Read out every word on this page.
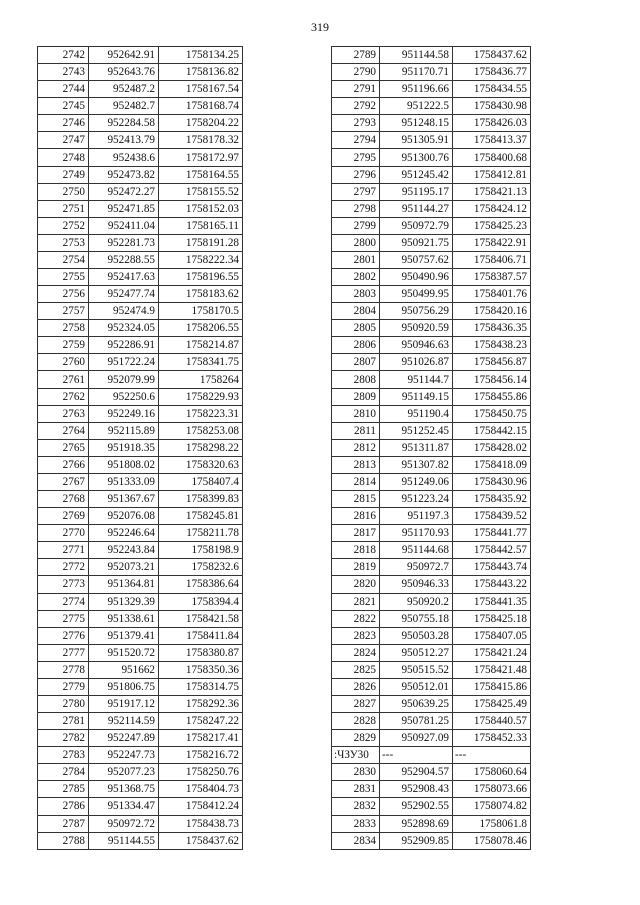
319
2742	952642.91	1758134.25
2743	952643.76	1758136.82
2744	952487.2	1758167.54
2745	952482.7	1758168.74
2746	952284.58	1758204.22
2747	952413.79	1758178.32
2748	952438.6	1758172.97
2749	952473.82	1758164.55
2750	952472.27	1758155.52
2751	952471.85	1758152.03
2752	952411.04	1758165.11
2753	952281.73	1758191.28
2754	952288.55	1758222.34
2755	952417.63	1758196.55
2756	952477.74	1758183.62
2757	952474.9	1758170.5
2758	952324.05	1758206.55
2759	952286.91	1758214.87
2760	951722.24	1758341.75
2761	952079.99	1758264
2762	952250.6	1758229.93
2763	952249.16	1758223.31
2764	952115.89	1758253.08
2765	951918.35	1758298.22
2766	951808.02	1758320.63
2767	951333.09	1758407.4
2768	951367.67	1758399.83
2769	952076.08	1758245.81
2770	952246.64	1758211.78
2771	952243.84	1758198.9
2772	952073.21	1758232.6
2773	951364.81	1758386.64
2774	951329.39	1758394.4
2775	951338.61	1758421.58
2776	951379.41	1758411.84
2777	951520.72	1758380.87
2778	951662	1758350.36
2779	951806.75	1758314.75
2780	951917.12	1758292.36
2781	952114.59	1758247.22
2782	952247.89	1758217.41
2783	952247.73	1758216.72
2784	952077.23	1758250.76
2785	951368.75	1758404.73
2786	951334.47	1758412.24
2787	950972.72	1758438.73
2788	951144.55	1758437.62
2789	951144.58	1758437.62
2790	951170.71	1758436.77
2791	951196.66	1758434.55
2792	951222.5	1758430.98
2793	951248.15	1758426.03
2794	951305.91	1758413.37
2795	951300.76	1758400.68
2796	951245.42	1758412.81
2797	951195.17	1758421.13
2798	951144.27	1758424.12
2799	950972.79	1758425.23
2800	950921.75	1758422.91
2801	950757.62	1758406.71
2802	950490.96	1758387.57
2803	950499.95	1758401.76
2804	950756.29	1758420.16
2805	950920.59	1758436.35
2806	950946.63	1758438.23
2807	951026.87	1758456.87
2808	951144.7	1758456.14
2809	951149.15	1758455.86
2810	951190.4	1758450.75
2811	951252.45	1758442.15
2812	951311.87	1758428.02
2813	951307.82	1758418.09
2814	951249.06	1758430.96
2815	951223.24	1758435.92
2816	951197.3	1758439.52
2817	951170.93	1758441.77
2818	951144.68	1758442.57
2819	950972.7	1758443.74
2820	950946.33	1758443.22
2821	950920.2	1758441.35
2822	950755.18	1758425.18
2823	950503.28	1758407.05
2824	950512.27	1758421.24
2825	950515.52	1758421.48
2826	950512.01	1758415.86
2827	950639.25	1758425.49
2828	950781.25	1758440.57
2829	950927.09	1758452.33
:ЧЗУ30	---	---
2830	952904.57	1758060.64
2831	952908.43	1758073.66
2832	952902.55	1758074.82
2833	952898.69	1758061.8
2834	952909.85	1758078.46
